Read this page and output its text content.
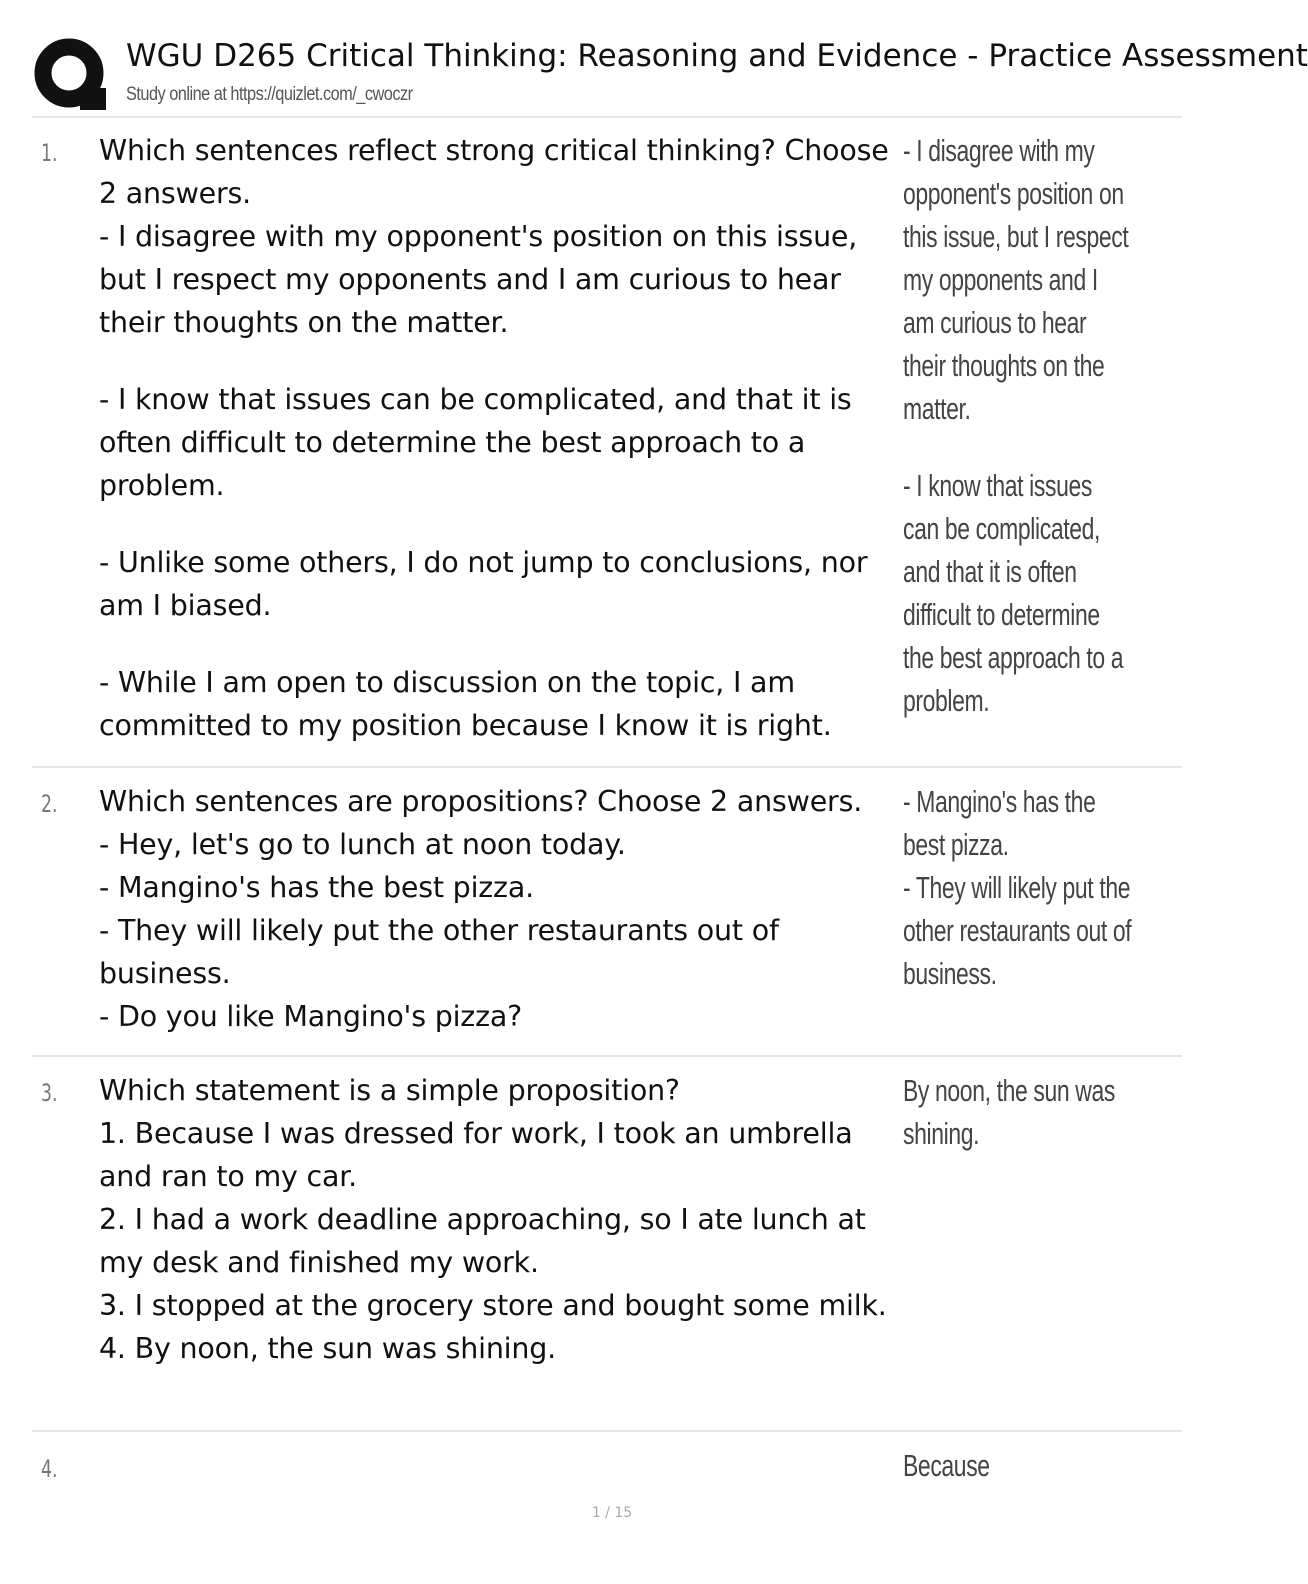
WGU D265 Critical Thinking: Reasoning and Evidence - Practice Assessment
Study online at https://quizlet.com/_cwoczr
1. Which sentences reflect strong critical thinking? Choose 2 answers.

- I disagree with my opponent's position on this issue, but I respect my opponents and I am curious to hear their thoughts on the matter.

- I know that issues can be complicated, and that it is often difficult to determine the best approach to a problem.

- Unlike some others, I do not jump to conclusions, nor am I biased.

- While I am open to discussion on the topic, I am committed to my position because I know it is right.

- I disagree with my opponent's position on this issue, but I respect my opponents and I am curious to hear their thoughts on the matter.

- I know that issues can be complicated, and that it is often difficult to determine the best approach to a problem.

2. Which sentences are propositions? Choose 2 answers.

- Hey, let's go to lunch at noon today.

- Mangino's has the best pizza.

- They will likely put the other restaurants out of business.

- Do you like Mangino's pizza?

- Mangino's has the best pizza.

- They will likely put the other restaurants out of business.

3. Which statement is a simple proposition?

1. Because I was dressed for work, I took an umbrella and ran to my car.

2. I had a work deadline approaching, so I ate lunch at my desk and finished my work.

3. I stopped at the grocery store and bought some milk.

4. By noon, the sun was shining.

By noon, the sun was shining.

4.	Because

1 / 15
